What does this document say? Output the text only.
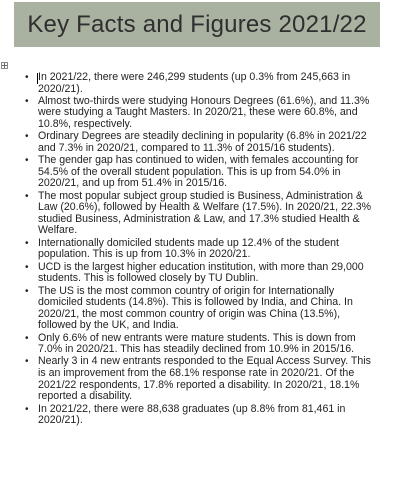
Key Facts and Figures 2021/22
• In 2021/22, there were 246,299 students (up 0.3% from 245,663 in 2020/21).
• Almost two-thirds were studying Honours Degrees (61.6%), and 11.3% were studying a Taught Masters. In 2020/21, these were 60.8%, and 10.8%, respectively.
• Ordinary Degrees are steadily declining in popularity (6.8% in 2021/22 and 7.3% in 2020/21, compared to 11.3% of 2015/16 students).
• The gender gap has continued to widen, with females accounting for 54.5% of the overall student population. This is up from 54.0% in 2020/21, and up from 51.4% in 2015/16.
• The most popular subject group studied is Business, Administration & Law (20.6%), followed by Health & Welfare (17.5%). In 2020/21, 22.3% studied Business, Administration & Law, and 17.3% studied Health & Welfare.
• Internationally domiciled students made up 12.4% of the student population. This is up from 10.3% in 2020/21.
• UCD is the largest higher education institution, with more than 29,000 students. This is followed closely by TU Dublin.
• The US is the most common country of origin for Internationally domiciled students (14.8%). This is followed by India, and China. In 2020/21, the most common country of origin was China (13.5%), followed by the UK, and India.
• Only 6.6% of new entrants were mature students. This is down from 7.0% in 2020/21. This has steadily declined from 10.9% in 2015/16.
• Nearly 3 in 4 new entrants responded to the Equal Access Survey. This is an improvement from the 68.1% response rate in 2020/21. Of the 2021/22 respondents, 17.8% reported a disability. In 2020/21, 18.1% reported a disability.
• In 2021/22, there were 88,638 graduates (up 8.8% from 81,461 in 2020/21).
